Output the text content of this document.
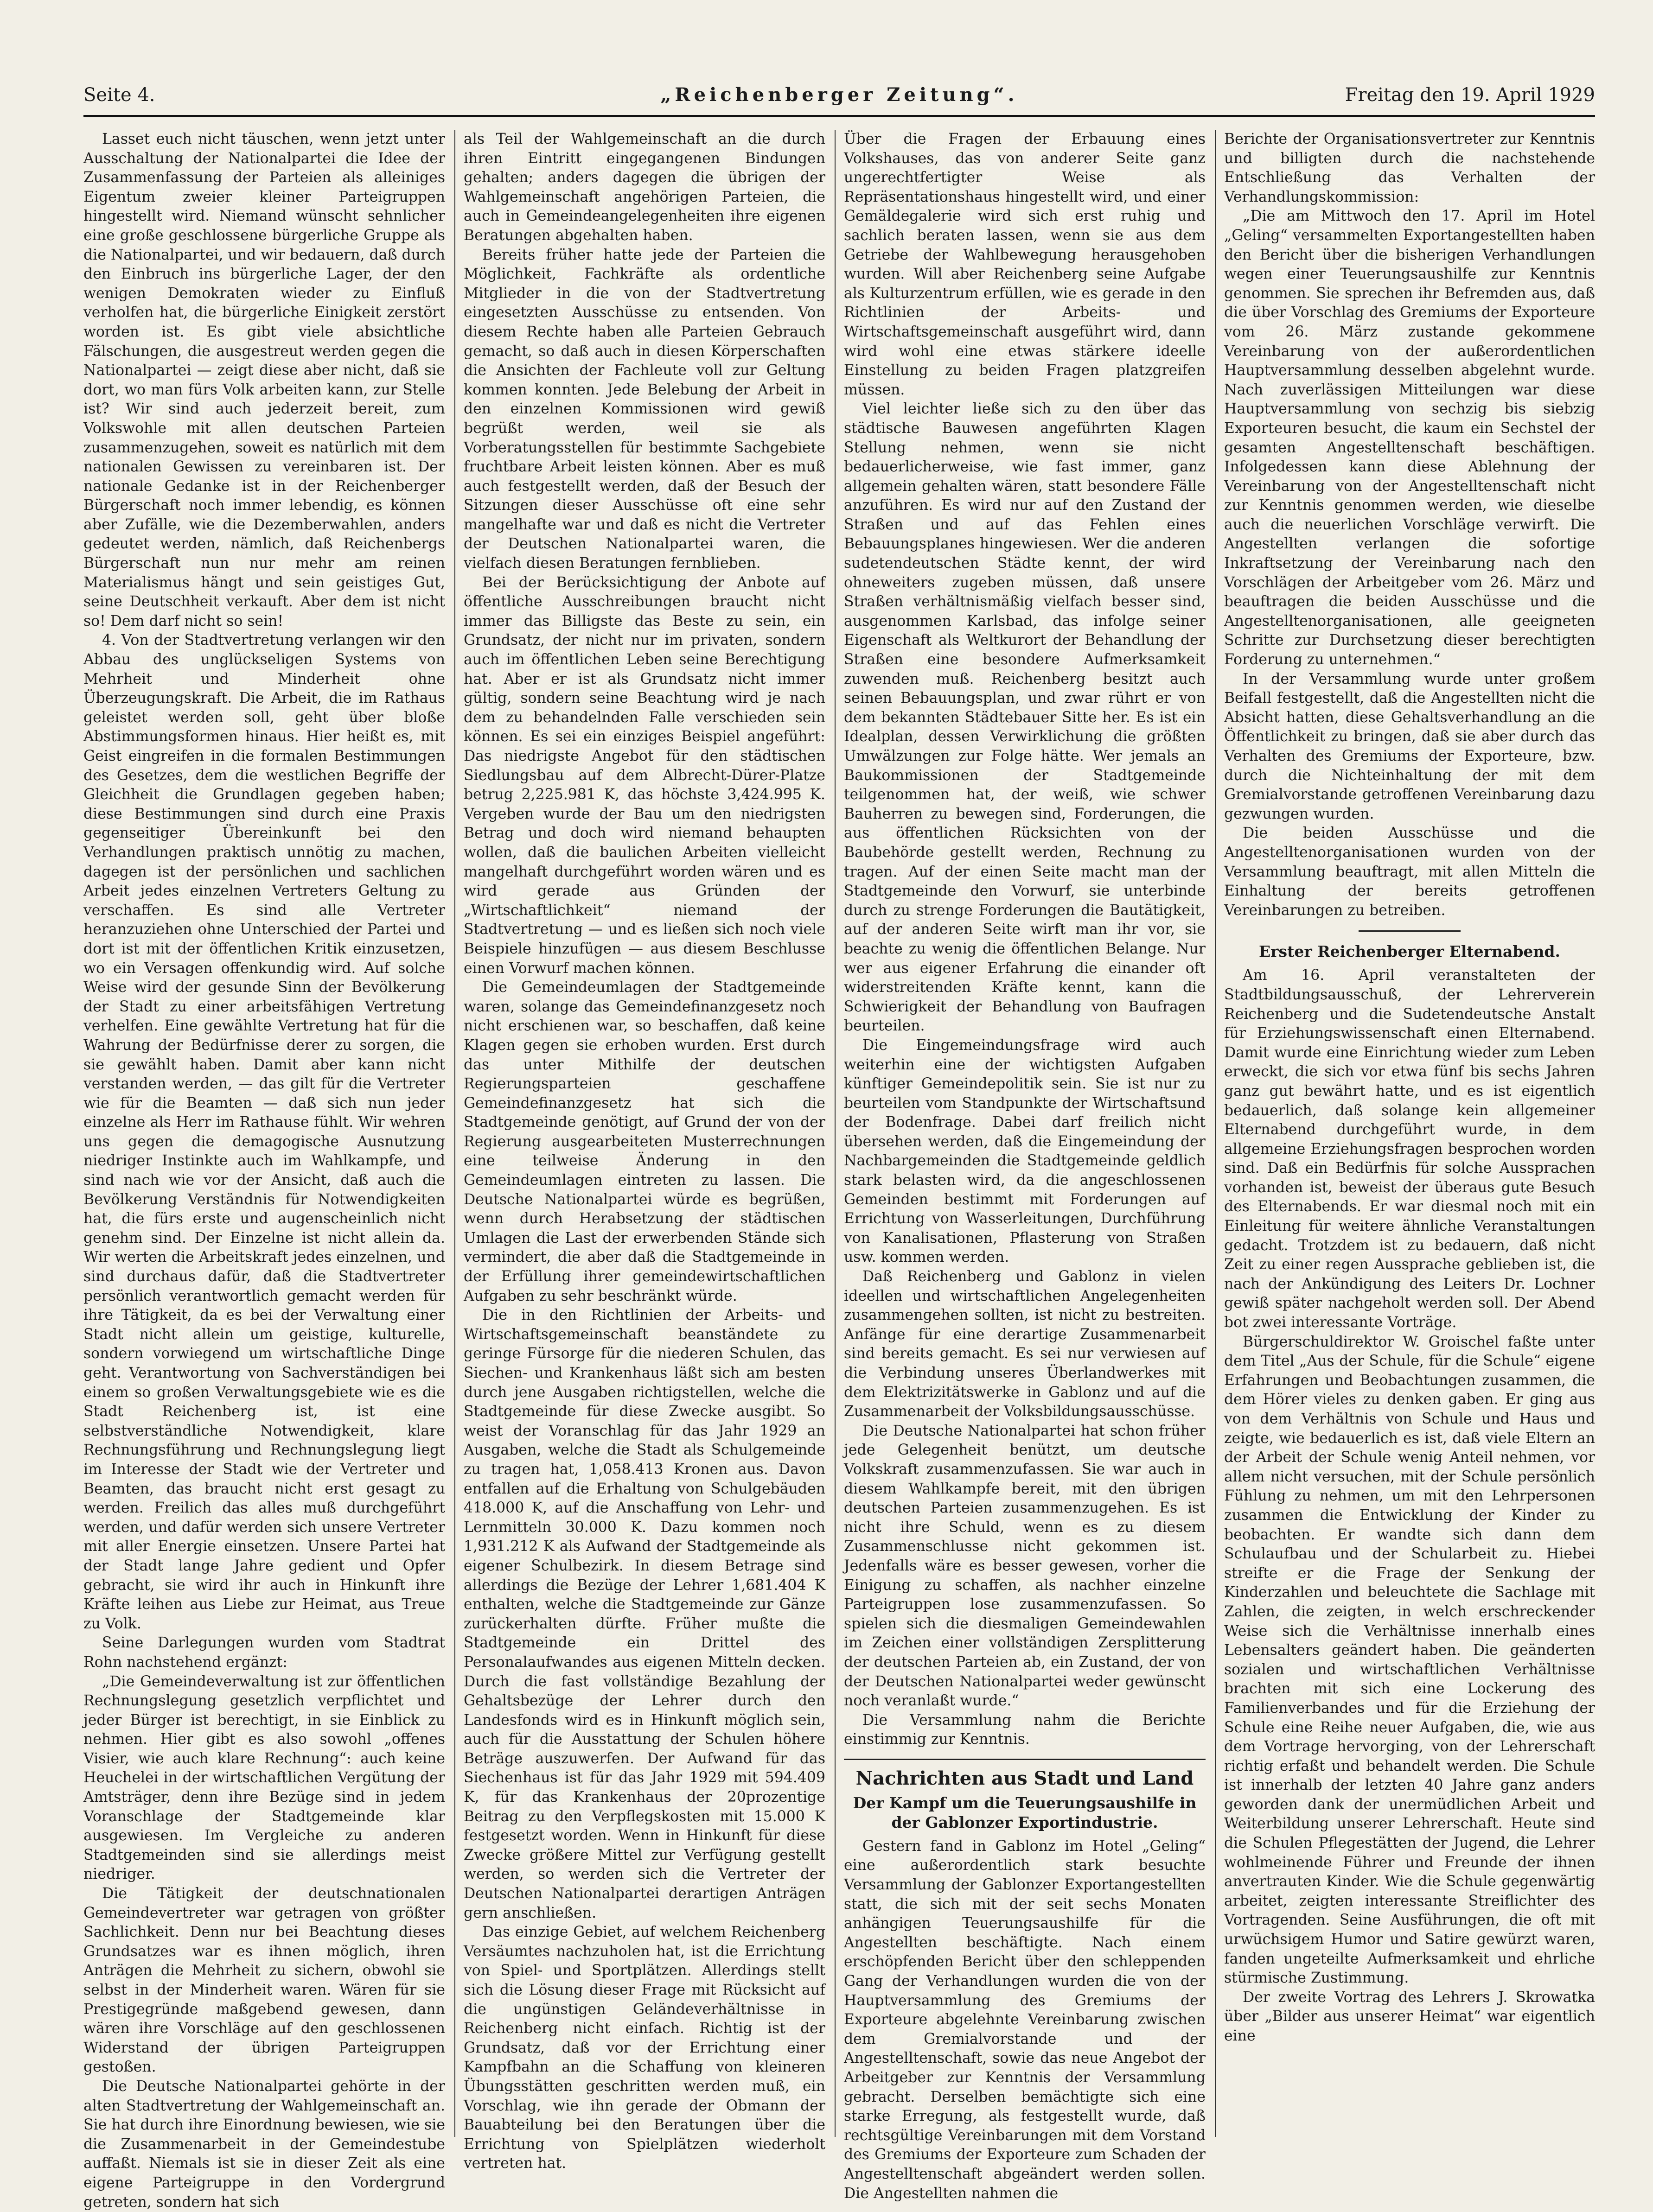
Seite 4.	„Reichenberger Zeitung“.	Freitag den 19. April 1929

Lasset euch nicht täuschen, wenn jetzt unter Ausschaltung der Nationalpartei die Idee der Zusammenfassung der Parteien als alleiniges Eigentum zweier kleiner Parteigruppen hingestellt wird. Niemand wünscht sehnlicher eine große geschlossene bürgerliche Gruppe als die Nationalpartei, und wir bedauern, daß durch den Einbruch ins bürgerliche Lager, der den wenigen Demokraten wieder zu Einfluß verholfen hat, die bürgerliche Einigkeit zerstört worden ist. Es gibt viele absichtliche Fälschungen, die ausgestreut werden gegen die Nationalpartei — zeigt diese aber nicht, daß sie dort, wo man fürs Volk arbeiten kann, zur Stelle ist? Wir sind auch jederzeit bereit, zum Volkswohle mit allen deutschen Parteien zusammenzugehen, soweit es natürlich mit dem nationalen Gewissen zu vereinbaren ist. Der nationale Gedanke ist in der Reichenberger Bürgerschaft noch immer lebendig, es können aber Zufälle, wie die Dezemberwahlen, anders gedeutet werden, nämlich, daß Reichenbergs Bürgerschaft nun nur mehr am reinen Materialismus hängt und sein geistiges Gut, seine Deutschheit verkauft. Aber dem ist nicht so! Dem darf nicht so sein!

4. Von der Stadtvertretung verlangen wir den Abbau des unglückseligen Systems von Mehrheit und Minderheit ohne Überzeugungskraft. Die Arbeit, die im Rathaus geleistet werden soll, geht über bloße Abstimmungsformen hinaus. Hier heißt es, mit Geist eingreifen in die formalen Bestimmungen des Gesetzes, dem die westlichen Begriffe der Gleichheit die Grundlagen gegeben haben; diese Bestimmungen sind durch eine Praxis gegenseitiger Übereinkunft bei den Verhandlungen praktisch unnötig zu machen, dagegen ist der persönlichen und sachlichen Arbeit jedes einzelnen Vertreters Geltung zu verschaffen. Es sind alle Vertreter heranzuziehen ohne Unterschied der Partei und dort ist mit der öffentlichen Kritik einzusetzen, wo ein Versagen offenkundig wird. Auf solche Weise wird der gesunde Sinn der Bevölkerung der Stadt zu einer arbeitsfähigen Vertretung verhelfen. Eine gewählte Vertretung hat für die Wahrung der Bedürfnisse derer zu sorgen, die sie gewählt haben. Damit aber kann nicht verstanden werden, — das gilt für die Vertreter wie für die Beamten — daß sich nun jeder einzelne als Herr im Rathause fühlt. Wir wehren uns gegen die demagogische Ausnutzung niedriger Instinkte auch im Wahlkampfe, und sind nach wie vor der Ansicht, daß auch die Bevölkerung Verständnis für Notwendigkeiten hat, die fürs erste und augenscheinlich nicht genehm sind. Der Einzelne ist nicht allein da. Wir werten die Arbeitskraft jedes einzelnen, und sind durchaus dafür, daß die Stadtvertreter persönlich verantwortlich gemacht werden für ihre Tätigkeit, da es bei der Verwaltung einer Stadt nicht allein um geistige, kulturelle, sondern vorwiegend um wirtschaftliche Dinge geht. Verantwortung von Sachverständigen bei einem so großen Verwaltungsgebiete wie es die Stadt Reichenberg ist, ist eine selbstverständliche Notwendigkeit, klare Rechnungsführung und Rechnungslegung liegt im Interesse der Stadt wie der Vertreter und Beamten, das braucht nicht erst gesagt zu werden. Freilich das alles muß durchgeführt werden, und dafür werden sich unsere Vertreter mit aller Energie einsetzen. Unsere Partei hat der Stadt lange Jahre gedient und Opfer gebracht, sie wird ihr auch in Hinkunft ihre Kräfte leihen aus Liebe zur Heimat, aus Treue zu Volk.

Seine Darlegungen wurden vom Stadtrat Rohn nachstehend ergänzt:

„Die Gemeindeverwaltung ist zur öffentlichen Rechnungslegung gesetzlich verpflichtet und jeder Bürger ist berechtigt, in sie Einblick zu nehmen. Hier gibt es also sowohl „offenes Visier, wie auch klare Rechnung“: auch keine Heuchelei in der wirtschaftlichen Vergütung der Amtsträger, denn ihre Bezüge sind in jedem Voranschlage der Stadtgemeinde klar ausgewiesen. Im Vergleiche zu anderen Stadtgemeinden sind sie allerdings meist niedriger.

Die Tätigkeit der deutschnationalen Gemeindevertreter war getragen von größter Sachlichkeit. Denn nur bei Beachtung dieses Grundsatzes war es ihnen möglich, ihren Anträgen die Mehrheit zu sichern, obwohl sie selbst in der Minderheit waren. Wären für sie Prestigegründe maßgebend gewesen, dann wären ihre Vorschläge auf den geschlossenen Widerstand der übrigen Parteigruppen gestoßen.

Die Deutsche Nationalpartei gehörte in der alten Stadtvertretung der Wahlgemeinschaft an. Sie hat durch ihre Einordnung bewiesen, wie sie die Zusammenarbeit in der Gemeindestube auffaßt. Niemals ist sie in dieser Zeit als eine eigene Parteigruppe in den Vordergrund getreten, sondern hat sich

als Teil der Wahlgemeinschaft an die durch ihren Eintritt eingegangenen Bindungen gehalten; anders dagegen die übrigen der Wahlgemeinschaft angehörigen Parteien, die auch in Gemeindeangelegenheiten ihre eigenen Beratungen abgehalten haben.

Bereits früher hatte jede der Parteien die Möglichkeit, Fachkräfte als ordentliche Mitglieder in die von der Stadtvertretung eingesetzten Ausschüsse zu entsenden. Von diesem Rechte haben alle Parteien Gebrauch gemacht, so daß auch in diesen Körperschaften die Ansichten der Fachleute voll zur Geltung kommen konnten. Jede Belebung der Arbeit in den einzelnen Kommissionen wird gewiß begrüßt werden, weil sie als Vorberatungsstellen für bestimmte Sachgebiete fruchtbare Arbeit leisten können. Aber es muß auch festgestellt werden, daß der Besuch der Sitzungen dieser Ausschüsse oft eine sehr mangelhafte war und daß es nicht die Vertreter der Deutschen Nationalpartei waren, die vielfach diesen Beratungen fernblieben.

Bei der Berücksichtigung der Anbote auf öffentliche Ausschreibungen braucht nicht immer das Billigste das Beste zu sein, ein Grundsatz, der nicht nur im privaten, sondern auch im öffentlichen Leben seine Berechtigung hat. Aber er ist als Grundsatz nicht immer gültig, sondern seine Beachtung wird je nach dem zu behandelnden Falle verschieden sein können. Es sei ein einziges Beispiel angeführt: Das niedrigste Angebot für den städtischen Siedlungsbau auf dem Albrecht-Dürer-Platze betrug 2,225.981 K, das höchste 3,424.995 K. Vergeben wurde der Bau um den niedrigsten Betrag und doch wird niemand behaupten wollen, daß die baulichen Arbeiten vielleicht mangelhaft durchgeführt worden wären und es wird gerade aus Gründen der „Wirtschaftlichkeit“ niemand der Stadtvertretung — und es ließen sich noch viele Beispiele hinzufügen — aus diesem Beschlusse einen Vorwurf machen können.

Die Gemeindeumlagen der Stadtgemeinde waren, solange das Gemeindefinanzgesetz noch nicht erschienen war, so beschaffen, daß keine Klagen gegen sie erhoben wurden. Erst durch das unter Mithilfe der deutschen Regierungsparteien geschaffene Gemeindefinanzgesetz hat sich die Stadtgemeinde genötigt, auf Grund der von der Regierung ausgearbeiteten Musterrechnungen eine teilweise Änderung in den Gemeindeumlagen eintreten zu lassen. Die Deutsche Nationalpartei würde es begrüßen, wenn durch Herabsetzung der städtischen Umlagen die Last der erwerbenden Stände sich vermindert, die aber daß die Stadtgemeinde in der Erfüllung ihrer gemeindewirtschaftlichen Aufgaben zu sehr beschränkt würde.

Die in den Richtlinien der Arbeits- und Wirtschaftsgemeinschaft beanständete zu geringe Fürsorge für die niederen Schulen, das Siechen- und Krankenhaus läßt sich am besten durch jene Ausgaben richtigstellen, welche die Stadtgemeinde für diese Zwecke ausgibt. So weist der Voranschlag für das Jahr 1929 an Ausgaben, welche die Stadt als Schulgemeinde zu tragen hat, 1,058.413 Kronen aus. Davon entfallen auf die Erhaltung von Schulgebäuden 418.000 K, auf die Anschaffung von Lehr- und Lernmitteln 30.000 K. Dazu kommen noch 1,931.212 K als Aufwand der Stadtgemeinde als eigener Schulbezirk. In diesem Betrage sind allerdings die Bezüge der Lehrer 1,681.404 K enthalten, welche die Stadtgemeinde zur Gänze zurückerhalten dürfte. Früher mußte die Stadtgemeinde ein Drittel des Personalaufwandes aus eigenen Mitteln decken. Durch die fast vollständige Bezahlung der Gehaltsbezüge der Lehrer durch den Landesfonds wird es in Hinkunft möglich sein, auch für die Ausstattung der Schulen höhere Beträge auszuwerfen. Der Aufwand für das Siechenhaus ist für das Jahr 1929 mit 594.409 K, für das Krankenhaus der 20prozentige Beitrag zu den Verpflegskosten mit 15.000 K festgesetzt worden. Wenn in Hinkunft für diese Zwecke größere Mittel zur Verfügung gestellt werden, so werden sich die Vertreter der Deutschen Nationalpartei derartigen Anträgen gern anschließen.

Das einzige Gebiet, auf welchem Reichenberg Versäumtes nachzuholen hat, ist die Errichtung von Spiel- und Sportplätzen. Allerdings stellt sich die Lösung dieser Frage mit Rücksicht auf die ungünstigen Geländeverhältnisse in Reichenberg nicht einfach. Richtig ist der Grundsatz, daß vor der Errichtung einer Kampfbahn an die Schaffung von kleineren Übungsstätten geschritten werden muß, ein Vorschlag, wie ihn gerade der Obmann der Bauabteilung bei den Beratungen über die Errichtung von Spielplätzen wiederholt vertreten hat.

Über die Fragen der Erbauung eines Volkshauses, das von anderer Seite ganz ungerechtfertigter Weise als Repräsentationshaus hingestellt wird, und einer Gemäldegalerie wird sich erst ruhig und sachlich beraten lassen, wenn sie aus dem Getriebe der Wahlbewegung herausgehoben wurden. Will aber Reichenberg seine Aufgabe als Kulturzentrum erfüllen, wie es gerade in den Richtlinien der Arbeits- und Wirtschaftsgemeinschaft ausgeführt wird, dann wird wohl eine etwas stärkere ideelle Einstellung zu beiden Fragen platzgreifen müssen.

Viel leichter ließe sich zu den über das städtische Bauwesen angeführten Klagen Stellung nehmen, wenn sie nicht bedauerlicherweise, wie fast immer, ganz allgemein gehalten wären, statt besondere Fälle anzuführen. Es wird nur auf den Zustand der Straßen und auf das Fehlen eines Bebauungsplanes hingewiesen. Wer die anderen sudetendeutschen Städte kennt, der wird ohneweiters zugeben müssen, daß unsere Straßen verhältnismäßig vielfach besser sind, ausgenommen Karlsbad, das infolge seiner Eigenschaft als Weltkurort der Behandlung der Straßen eine besondere Aufmerksamkeit zuwenden muß. Reichenberg besitzt auch seinen Bebauungsplan, und zwar rührt er von dem bekannten Städtebauer Sitte her. Es ist ein Idealplan, dessen Verwirklichung die größten Umwälzungen zur Folge hätte. Wer jemals an Baukommissionen der Stadtgemeinde teilgenommen hat, der weiß, wie schwer Bauherren zu bewegen sind, Forderungen, die aus öffentlichen Rücksichten von der Baubehörde gestellt werden, Rechnung zu tragen. Auf der einen Seite macht man der Stadtgemeinde den Vorwurf, sie unterbinde durch zu strenge Forderungen die Bautätigkeit, auf der anderen Seite wirft man ihr vor, sie beachte zu wenig die öffentlichen Belange. Nur wer aus eigener Erfahrung die einander oft widerstreitenden Kräfte kennt, kann die Schwierigkeit der Behandlung von Baufragen beurteilen.

Die Eingemeindungsfrage wird auch weiterhin eine der wichtigsten Aufgaben künftiger Gemeindepolitik sein. Sie ist nur zu beurteilen vom Standpunkte der Wirtschaftsund der Bodenfrage. Dabei darf freilich nicht übersehen werden, daß die Eingemeindung der Nachbargemeinden die Stadtgemeinde geldlich stark belasten wird, da die angeschlossenen Gemeinden bestimmt mit Forderungen auf Errichtung von Wasserleitungen, Durchführung von Kanalisationen, Pflasterung von Straßen usw. kommen werden.

Daß Reichenberg und Gablonz in vielen ideellen und wirtschaftlichen Angelegenheiten zusammengehen sollten, ist nicht zu bestreiten. Anfänge für eine derartige Zusammenarbeit sind bereits gemacht. Es sei nur verwiesen auf die Verbindung unseres Überlandwerkes mit dem Elektrizitätswerke in Gablonz und auf die Zusammenarbeit der Volksbildungsausschüsse.

Die Deutsche Nationalpartei hat schon früher jede Gelegenheit benützt, um deutsche Volkskraft zusammenzufassen. Sie war auch in diesem Wahlkampfe bereit, mit den übrigen deutschen Parteien zusammenzugehen. Es ist nicht ihre Schuld, wenn es zu diesem Zusammenschlusse nicht gekommen ist. Jedenfalls wäre es besser gewesen, vorher die Einigung zu schaffen, als nachher einzelne Parteigruppen lose zusammenzufassen. So spielen sich die diesmaligen Gemeindewahlen im Zeichen einer vollständigen Zersplitterung der deutschen Parteien ab, ein Zustand, der von der Deutschen Nationalpartei weder gewünscht noch veranlaßt wurde.“

Die Versammlung nahm die Berichte einstimmig zur Kenntnis.

Nachrichten aus Stadt und Land
Der Kampf um die Teuerungsaushilfe in der Gablonzer Exportindustrie.

Gestern fand in Gablonz im Hotel „Geling“ eine außerordentlich stark besuchte Versammlung der Gablonzer Exportangestellten statt, die sich mit der seit sechs Monaten anhängigen Teuerungsaushilfe für die Angestellten beschäftigte. Nach einem erschöpfenden Bericht über den schleppenden Gang der Verhandlungen wurden die von der Hauptversammlung des Gremiums der Exporteure abgelehnte Vereinbarung zwischen dem Gremialvorstande und der Angestelltenschaft, sowie das neue Angebot der Arbeitgeber zur Kenntnis der Versammlung gebracht. Derselben bemächtigte sich eine starke Erregung, als festgestellt wurde, daß rechtsgültige Vereinbarungen mit dem Vorstand des Gremiums der Exporteure zum Schaden der Angestelltenschaft abgeändert werden sollen. Die Angestellten nahmen die

Berichte der Organisationsvertreter zur Kenntnis und billigten durch die nachstehende Entschließung das Verhalten der Verhandlungskommission:

„Die am Mittwoch den 17. April im Hotel „Geling“ versammelten Exportangestellten haben den Bericht über die bisherigen Verhandlungen wegen einer Teuerungsaushilfe zur Kenntnis genommen. Sie sprechen ihr Befremden aus, daß die über Vorschlag des Gremiums der Exporteure vom 26. März zustande gekommene Vereinbarung von der außerordentlichen Hauptversammlung desselben abgelehnt wurde. Nach zuverlässigen Mitteilungen war diese Hauptversammlung von sechzig bis siebzig Exporteuren besucht, die kaum ein Sechstel der gesamten Angestelltenschaft beschäftigen. Infolgedessen kann diese Ablehnung der Vereinbarung von der Angestelltenschaft nicht zur Kenntnis genommen werden, wie dieselbe auch die neuerlichen Vorschläge verwirft. Die Angestellten verlangen die sofortige Inkraftsetzung der Vereinbarung nach den Vorschlägen der Arbeitgeber vom 26. März und beauftragen die beiden Ausschüsse und die Angestelltenorganisationen, alle geeigneten Schritte zur Durchsetzung dieser berechtigten Forderung zu unternehmen.“

In der Versammlung wurde unter großem Beifall festgestellt, daß die Angestellten nicht die Absicht hatten, diese Gehaltsverhandlung an die Öffentlichkeit zu bringen, daß sie aber durch das Verhalten des Gremiums der Exporteure, bzw. durch die Nichteinhaltung der mit dem Gremialvorstande getroffenen Vereinbarung dazu gezwungen wurden.

Die beiden Ausschüsse und die Angestelltenorganisationen wurden von der Versammlung beauftragt, mit allen Mitteln die Einhaltung der bereits getroffenen Vereinbarungen zu betreiben.

Erster Reichenberger Elternabend.

Am 16. April veranstalteten der Stadtbildungsausschuß, der Lehrerverein Reichenberg und die Sudetendeutsche Anstalt für Erziehungswissenschaft einen Elternabend. Damit wurde eine Einrichtung wieder zum Leben erweckt, die sich vor etwa fünf bis sechs Jahren ganz gut bewährt hatte, und es ist eigentlich bedauerlich, daß solange kein allgemeiner Elternabend durchgeführt wurde, in dem allgemeine Erziehungsfragen besprochen worden sind. Daß ein Bedürfnis für solche Aussprachen vorhanden ist, beweist der überaus gute Besuch des Elternabends. Er war diesmal noch mit ein Einleitung für weitere ähnliche Veranstaltungen gedacht. Trotzdem ist zu bedauern, daß nicht Zeit zu einer regen Aussprache geblieben ist, die nach der Ankündigung des Leiters Dr. Lochner gewiß später nachgeholt werden soll. Der Abend bot zwei interessante Vorträge.

Bürgerschuldirektor W. Groischel faßte unter dem Titel „Aus der Schule, für die Schule“ eigene Erfahrungen und Beobachtungen zusammen, die dem Hörer vieles zu denken gaben. Er ging aus von dem Verhältnis von Schule und Haus und zeigte, wie bedauerlich es ist, daß viele Eltern an der Arbeit der Schule wenig Anteil nehmen, vor allem nicht versuchen, mit der Schule persönlich Fühlung zu nehmen, um mit den Lehrpersonen zusammen die Entwicklung der Kinder zu beobachten. Er wandte sich dann dem Schulaufbau und der Schularbeit zu. Hiebei streifte er die Frage der Senkung der Kinderzahlen und beleuchtete die Sachlage mit Zahlen, die zeigten, in welch erschreckender Weise sich die Verhältnisse innerhalb eines Lebensalters geändert haben. Die geänderten sozialen und wirtschaftlichen Verhältnisse brachten mit sich eine Lockerung des Familienverbandes und für die Erziehung der Schule eine Reihe neuer Aufgaben, die, wie aus dem Vortrage hervorging, von der Lehrerschaft richtig erfaßt und behandelt werden. Die Schule ist innerhalb der letzten 40 Jahre ganz anders geworden dank der unermüdlichen Arbeit und Weiterbildung unserer Lehrerschaft. Heute sind die Schulen Pflegestätten der Jugend, die Lehrer wohlmeinende Führer und Freunde der ihnen anvertrauten Kinder. Wie die Schule gegenwärtig arbeitet, zeigten interessante Streiflichter des Vortragenden. Seine Ausführungen, die oft mit urwüchsigem Humor und Satire gewürzt waren, fanden ungeteilte Aufmerksamkeit und ehrliche stürmische Zustimmung.

Der zweite Vortrag des Lehrers J. Skrowatka über „Bilder aus unserer Heimat“ war eigentlich eine
